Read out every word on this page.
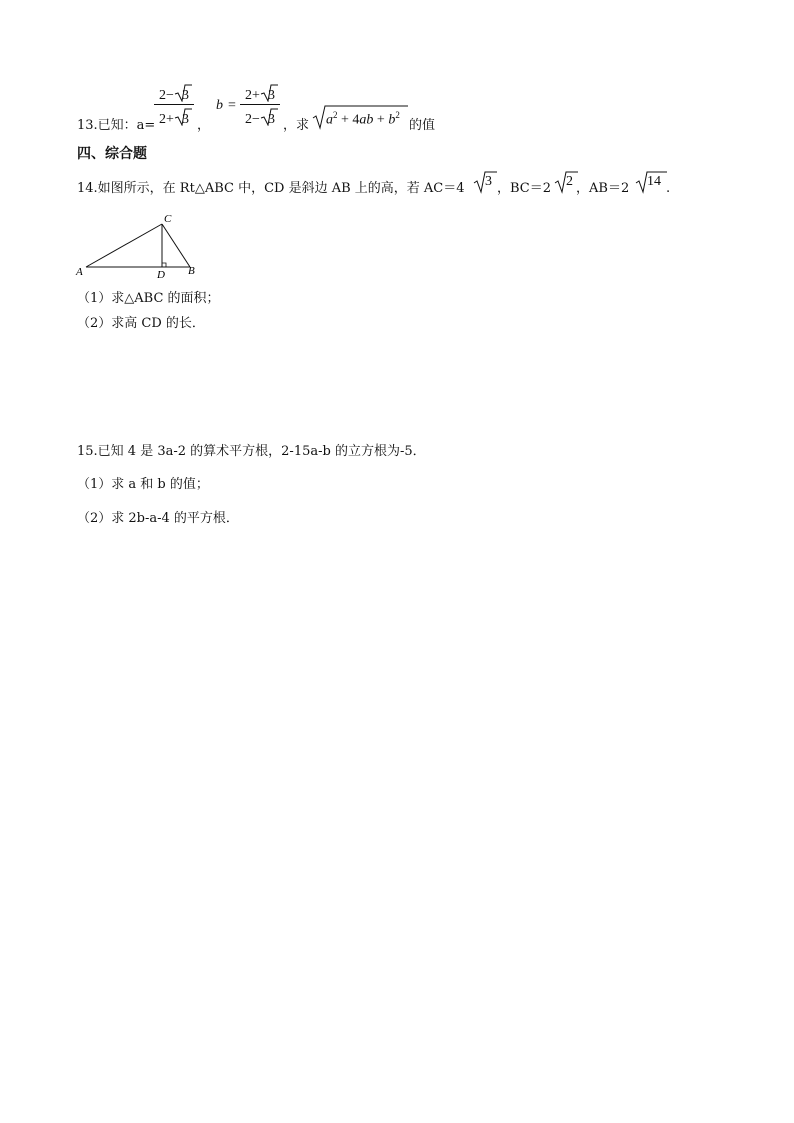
13.已知：a=
2− 3
2+ 3 ，
b =
2+ 3
2− 3 ，求 $a^2 + 4ab + b^2$
的值
四、综合题
14.如图所示，在 Rt△ABC 中，CD 是斜边 AB 上的高，若 AC＝4 3 ，BC＝2 2 ，AB＝2 14 .
A	B
C
D
（1）求△ABC 的面积；
（2）求高 CD 的长．
15.已知 4 是 3a-2 的算术平方根，2-15a-b 的立方根为-5．
（1）求 a 和 b 的值；
（2）求 2b-a-4 的平方根．
